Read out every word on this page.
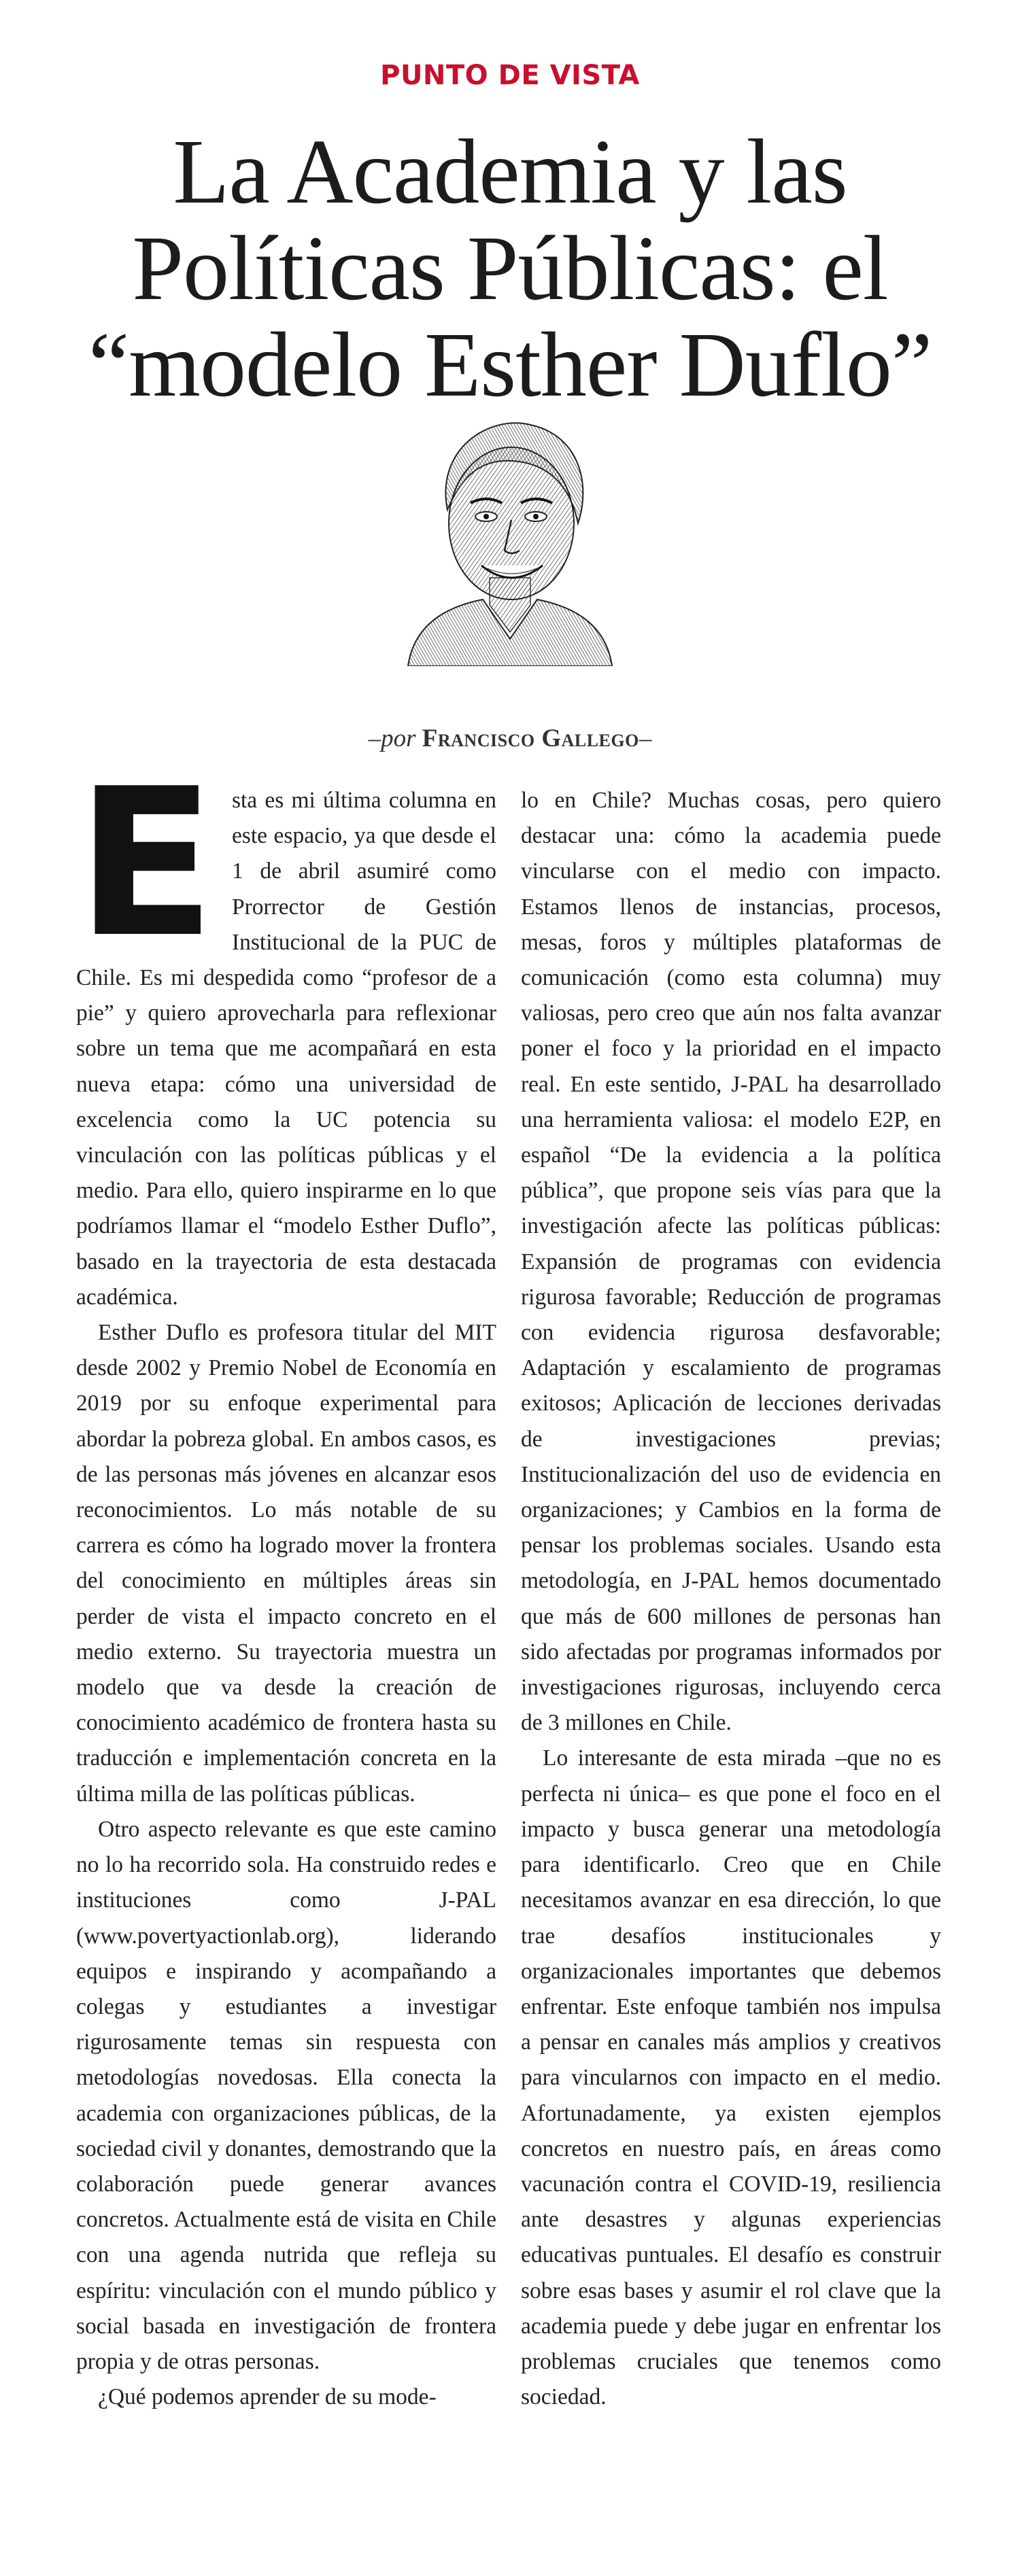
PUNTO DE VISTA
La Academia y las
Políticas Públicas: el
“modelo Esther Duflo”
–por Francisco Gallego–
E sta es mi última columna en este espacio, ya que desde el 1 de abril asumiré como Prorrector de Gestión Institucional de la PUC de Chile. Es mi despedida como “profesor de a pie” y quiero aprovecharla para reflexionar sobre un tema que me acompañará en esta nueva etapa: cómo una universidad de excelencia como la UC potencia su vinculación con las políticas públicas y el medio. Para ello, quiero inspirarme en lo que podríamos llamar el “modelo Esther Duflo”, basado en la trayectoria de esta destacada académica.

Esther Duflo es profesora titular del MIT desde 2002 y Premio Nobel de Economía en 2019 por su enfoque experimental para abordar la pobreza global. En ambos casos, es de las personas más jóvenes en alcanzar esos reconocimientos. Lo más notable de su carrera es cómo ha logrado mover la frontera del conocimiento en múltiples áreas sin perder de vista el impacto concreto en el medio externo. Su trayectoria muestra un modelo que va desde la creación de conocimiento académico de frontera hasta su traducción e implementación concreta en la última milla de las políticas públicas.

Otro aspecto relevante es que este camino no lo ha recorrido sola. Ha construido redes e instituciones como J-PAL (www.povertyactionlab.org), liderando equipos e inspirando y acompañando a colegas y estudiantes a investigar rigurosamente temas sin respuesta con metodologías novedosas. Ella conecta la academia con organizaciones públicas, de la sociedad civil y donantes, demostrando que la colaboración puede generar avances concretos. Actualmente está de visita en Chile con una agenda nutrida que refleja su espíritu: vinculación con el mundo público y social basada en investigación de frontera propia y de otras personas.

¿Qué podemos aprender de su mode-

lo en Chile? Muchas cosas, pero quiero destacar una: cómo la academia puede vincularse con el medio con impacto. Estamos llenos de instancias, procesos, mesas, foros y múltiples plataformas de comunicación (como esta columna) muy valiosas, pero creo que aún nos falta avanzar poner el foco y la prioridad en el impacto real. En este sentido, J-PAL ha desarrollado una herramienta valiosa: el modelo E2P, en español “De la evidencia a la política pública”, que propone seis vías para que la investigación afecte las políticas públicas: Expansión de programas con evidencia rigurosa favorable; Reducción de programas con evidencia rigurosa desfavorable; Adaptación y escalamiento de programas exitosos; Aplicación de lecciones derivadas de investigaciones previas; Institucionalización del uso de evidencia en organizaciones; y Cambios en la forma de pensar los problemas sociales. Usando esta metodología, en J-PAL hemos documentado que más de 600 millones de personas han sido afectadas por programas informados por investigaciones rigurosas, incluyendo cerca de 3 millones en Chile.

Lo interesante de esta mirada –que no es perfecta ni única– es que pone el foco en el impacto y busca generar una metodología para identificarlo. Creo que en Chile necesitamos avanzar en esa dirección, lo que trae desafíos institucionales y organizacionales importantes que debemos enfrentar. Este enfoque también nos impulsa a pensar en canales más amplios y creativos para vincularnos con impacto en el medio. Afortunadamente, ya existen ejemplos concretos en nuestro país, en áreas como vacunación contra el COVID-19, resiliencia ante desastres y algunas experiencias educativas puntuales. El desafío es construir sobre esas bases y asumir el rol clave que la academia puede y debe jugar en enfrentar los problemas cruciales que tenemos como sociedad.
